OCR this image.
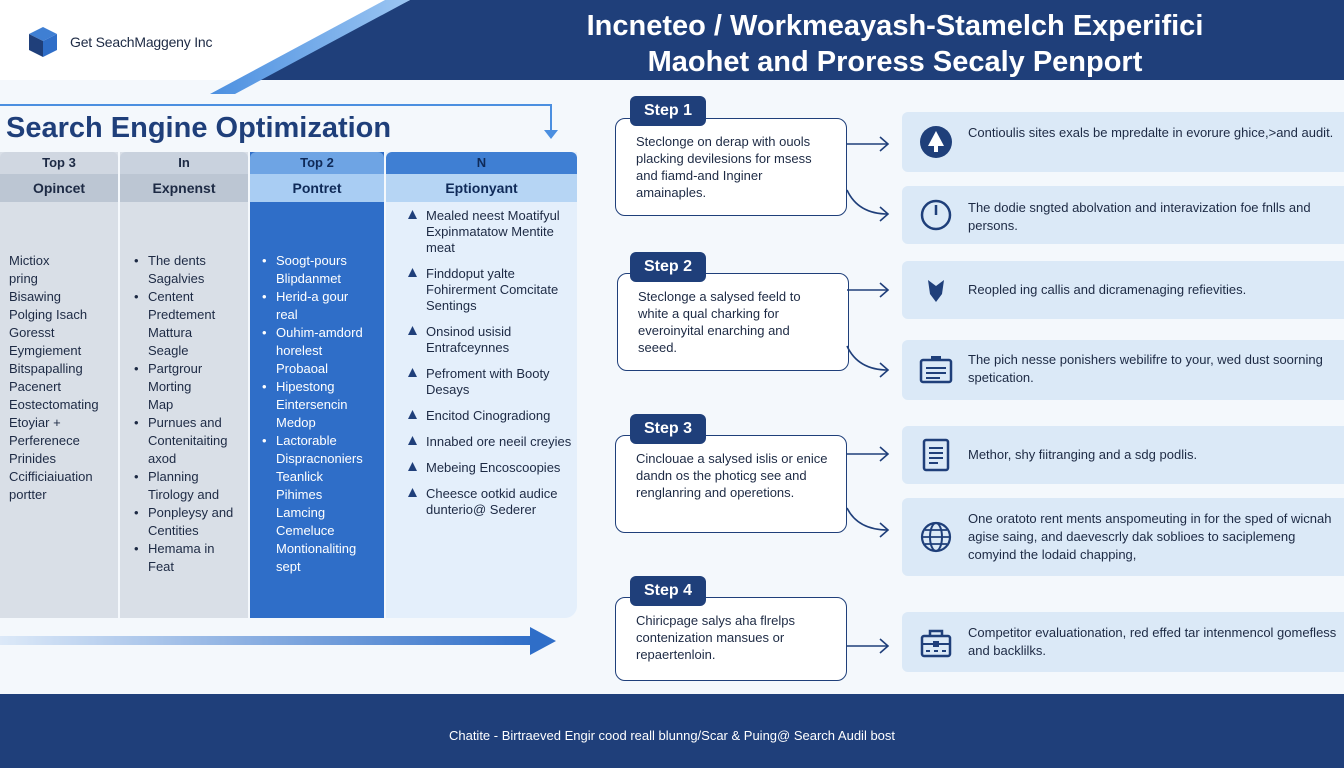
Get SeachMaggeny Inc	Incneteo / Workmeayash-Stamelch Experifici
Maohet and Proress Secaly Penport
Search Engine Optimization
Top 3
Opincet
Mictiox
pring
Bisawing
Polging Isach
Goresst
Eymgiement
Bitspapalling
Pacenert
Eostectomating
Etoyiar +
Perferenece
Prinides
Ccifficiaiuation
portter
In
Expnenst
• The dents
Sagalvies
• Centent
Predtement
Mattura
Seagle
• Partgrour
Morting
Map
• Purnues and
Contenitaiting
axod
• Planning
Tirology and
• Ponpleysy and
Centities
• Hemama in
Feat
Top 2
Pontret
• Soogt-pours
Blipdanmet
• Herid-a gour
real
• Ouhim-amdord
horelest
Probaoal
• Hipestong
Eintersencin
Medop
• Lactorable
Dispracnoniers
Teanlick
Pihimes
Lamcing
Cemeluce
Montionaliting
sept
N
Eptionyant
Mealed neest Moatifyul Expinmatatow Mentite meat
Finddoput yalte Fohirerment Comcitate Sentings
Onsinod usisid Entrafceynnes
Pefroment with Booty Desays
Encitod Cinogradiong
Innabed ore neeil creyies
Mebeing Encoscoopies
Cheesce ootkid audice dunterio@ Sederer
Steclonge on derap with ouols placking devilesions for msess and fiamd-and Inginer amainaples.
Step 1
Steclonge a salysed feeld to white a qual charking for everoinyital enarching and seeed.
Step 2
Cinclouae a salysed islis or enice dandn os the photicg see and renglanring and operetions.
Step 3
Chiricpage salys aha flrelps contenization mansues or repaertenloin.
Step 4
Contioulis sites exals be mpredalte in evorure ghice,>and audit.
The dodie sngted abolvation and interavization foe fnlls and persons.
Reopled ing callis and dicramenaging refievities.
The pich nesse ponishers webilifre to your, wed dust soorning spetication.
Methor, shy fiitranging and a sdg podlis.
One oratoto rent ments anspomeuting in for the sped of wicnah agise saing, and daevescrly dak soblioes to saciplemeng comyind the lodaid chapping,
Competitor evaluationation, red effed tar intenmencol gomefless and backlilks.
Chatite - Birtraeved Engir cood reall blunng/Scar & Puing@ Search Audil bost
